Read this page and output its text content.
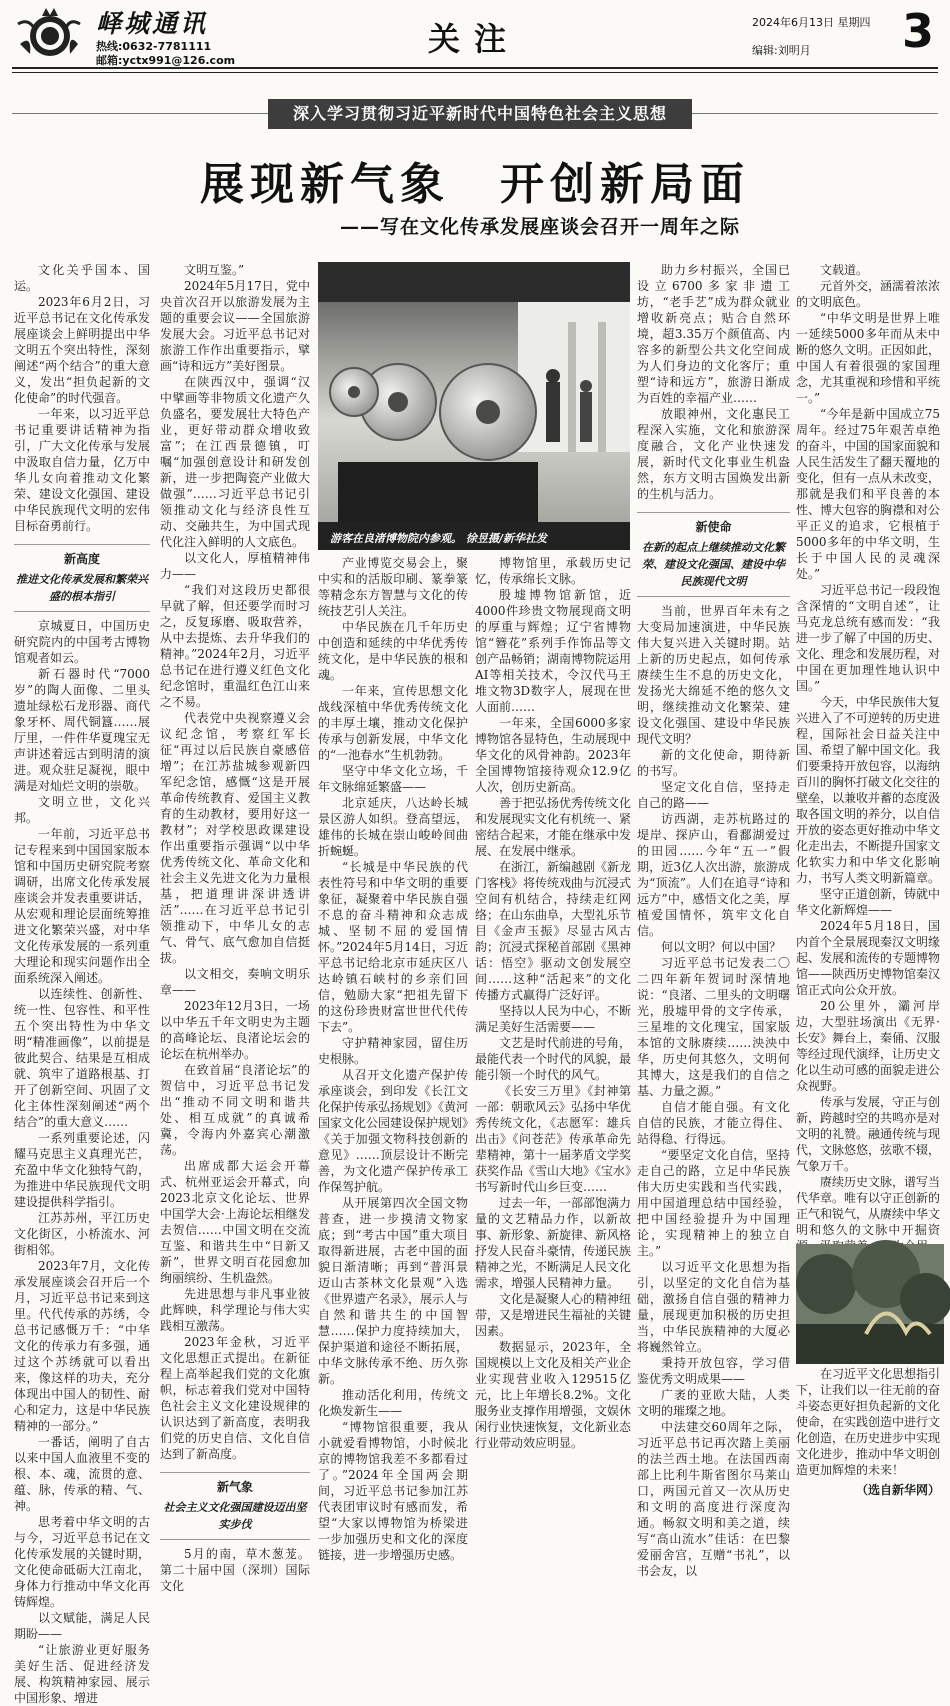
峄城通讯
热线:0632-7781111
邮箱:yctx991@126.com
关注	2024年6月13日 星期四
编辑:刘明月 3
深入学习贯彻习近平新时代中国特色社会主义思想
展现新气象　开创新局面
——写在文化传承发展座谈会召开一周年之际
游客在良渚博物院内参观。 徐昱摄/新华社发

文化关乎国本、国运。

2023年6月2日，习近平总书记在文化传承发展座谈会上鲜明提出中华文明五个突出特性，深刻阐述“两个结合”的重大意义，发出“担负起新的文化使命”的时代强音。

一年来，以习近平总书记重要讲话精神为指引，广大文化传承与发展中汲取自信力量，亿万中华儿女向着推动文化繁荣、建设文化强国、建设中华民族现代文明的宏伟目标奋勇前行。

新高度
推进文化传承发展和繁荣兴盛的根本指引

京城夏日，中国历史研究院内的中国考古博物馆观者如云。

新石器时代“7000岁”的陶人面像、二里头遗址绿松石龙形器、商代象牙杯、周代铜簋……展厅里，一件件华夏瑰宝无声讲述着远古到明清的演进。观众驻足凝视，眼中满是对灿烂文明的崇敬。

文明立世，文化兴邦。

一年前，习近平总书记专程来到中国国家版本馆和中国历史研究院考察调研，出席文化传承发展座谈会并发表重要讲话，从宏观和理论层面统筹推进文化繁荣兴盛，对中华文化传承发展的一系列重大理论和现实问题作出全面系统深入阐述。

以连续性、创新性、统一性、包容性、和平性五个突出特性为中华文明“精准画像”，以前提是彼此契合、结果是互相成就、筑牢了道路根基、打开了创新空间、巩固了文化主体性深刻阐述“两个结合”的重大意义……

一系列重要论述，闪耀马克思主义真理光芒，充盈中华文化独特气韵，为推进中华民族现代文明建设提供科学指引。

江苏苏州，平江历史文化街区，小桥流水、河街相邻。

2023年7月，文化传承发展座谈会召开后一个月，习近平总书记来到这里。代代传承的苏绣，令总书记感慨万千：“中华文化的传承力有多强，通过这个苏绣就可以看出来，像这样的功夫，充分体现出中国人的韧性、耐心和定力，这是中华民族精神的一部分。”

一番话，阐明了自古以来中国人血液里不变的根、本、魂，流贯的意、蕴、脉，传承的精、气、神。

思考着中华文明的古与今，习近平总书记在文化传承发展的关键时期，文化使命砥砺大江南北，身体力行推动中华文化再铸辉煌。

以文赋能，满足人民期盼——

“让旅游业更好服务美好生活、促进经济发展、构筑精神家园、展示中国形象、增进

文明互鉴。”

2024年5月17日，党中央首次召开以旅游发展为主题的重要会议——全国旅游发展大会。习近平总书记对旅游工作作出重要指示，擘画“诗和远方”美好图景。

在陕西汉中，强调“汉中擘画等非物质文化遗产久负盛名，要发展壮大特色产业，更好带动群众增收致富”；在江西景德镇，叮嘱“加强创意设计和研发创新，进一步把陶瓷产业做大做强”……习近平总书记引领推动文化与经济良性互动、交融共生，为中国式现代化注入鲜明的人文底色。

以文化人，厚植精神伟力——

“我们对这段历史都很早就了解，但还要学而时习之，反复琢磨、吸取营养，从中去提炼、去升华我们的精神。”2024年2月，习近平总书记在进行遵义红色文化纪念馆时，重温红色江山来之不易。

代表党中央视察遵义会议纪念馆，考察红军长征“再过以后民族自豪感倍增”；在江苏盐城参观新四军纪念馆，感慨“这是开展革命传统教育、爱国主义教育的生动教材，要用好这一教材”；对学校思政课建设作出重要指示强调“以中华优秀传统文化、革命文化和社会主义先进文化为力量根基，把道理讲深讲透讲活”……在习近平总书记引领推动下，中华儿女的志气、骨气、底气愈加自信挺拔。

以文相交，奏响文明乐章——

2023年12月3日，一场以中华五千年文明史为主题的高峰论坛、良渚论坛会的论坛在杭州举办。

在致首届“良渚论坛”的贺信中，习近平总书记发出“推动不同文明和谐共处、相互成就”的真诚希冀，令海内外嘉宾心潮激荡。

出席成都大运会开幕式、杭州亚运会开幕式，向2023北京文化论坛、世界中国学大会·上海论坛相继发去贺信……中国文明在交流互鉴、和谐共生中“日新又新”，世界文明百花园愈加绚丽缤纷、生机盎然。

先进思想与非凡事业彼此辉映，科学理论与伟大实践相互激荡。

2023年金秋，习近平文化思想正式提出。在新征程上高举起我们党的文化旗帜，标志着我们党对中国特色社会主义文化建设规律的认识达到了新高度，表明我们党的历史自信、文化自信达到了新高度。

新气象
社会主义文化强国建设迈出坚实步伐

5月的南，草木葱茏。第二十届中国（深圳）国际文化

产业博览交易会上，聚中实和的活版印刷、篆拳篆等精念东方智慧与文化的传统技艺引人关注。

中华民族在几千年历史中创造和延续的中华优秀传统文化，是中华民族的根和魂。

一年来，宣传思想文化战线深植中华优秀传统文化的丰厚土壤，推动文化保护传承与创新发展，中华文化的“一池春水”生机勃勃。

坚守中华文化立场，千年文脉绵延繁盛——

北京延庆，八达岭长城景区游人如织。登高望远，雄伟的长城在崇山峻岭间曲折蜿蜒。

“长城是中华民族的代表性符号和中华文明的重要象征，凝聚着中华民族自强不息的奋斗精神和众志成城、坚韧不屈的爱国情怀。”2024年5月14日，习近平总书记给北京市延庆区八达岭镇石峡村的乡亲们回信，勉励大家“把祖先留下的这份珍贵财富世世代代传下去”。

守护精神家园，留住历史根脉。

从召开文化遗产保护传承座谈会，到印发《长江文化保护传承弘扬规划》《黄河国家文化公园建设保护规划》《关于加强文物科技创新的意见》……顶层设计不断完善，为文化遗产保护传承工作保驾护航。

从开展第四次全国文物普查，进一步摸清文物家底；到“考古中国”重大项目取得新进展，古老中国的面貌日渐清晰；再到“普洱景迈山古茶林文化景观”入选《世界遗产名录》，展示人与自然和谐共生的中国智慧……保护力度持续加大，保护渠道和途径不断拓展，中华文脉传承不绝、历久弥新。

推动活化利用，传统文化焕发新生——

“博物馆很重要，我从小就爱看博物馆，小时候北京的博物馆我差不多都看过了。”2024年全国两会期间，习近平总书记参加江苏代表团审议时有感而发，希望“大家以博物馆为桥梁进一步加强历史和文化的深度链接，进一步增强历史感。

博物馆里，承载历史记忆，传承绵长文脉。

殷墟博物馆新馆，近4000件珍贵文物展现商文明的厚重与辉煌；辽宁省博物馆“簪花”系列手作饰品等文创产品畅销；湖南博物院运用AI等相关技术，令汉代马王堆文物3D数字人，展现在世人面前……

一年来，全国6000多家博物馆各显特色，生动展现中华文化的风骨神韵。2023年全国博物馆接待观众12.9亿人次，创历史新高。

善于把弘扬优秀传统文化和发展现实文化有机统一、紧密结合起来，才能在继承中发展、在发展中继承。

在浙江，新编越剧《新龙门客栈》将传统戏曲与沉浸式空间有机结合，持续走红网络；在山东曲阜，大型礼乐节目《金声玉振》尽显古风古韵；沉浸式探秘首部剧《黑神话：悟空》驱动文创发展空间……这种“活起来”的文化传播方式赢得广泛好评。

坚持以人民为中心，不断满足美好生活需要——

文艺是时代前进的号角，最能代表一个时代的风貌，最能引领一个时代的风气。

《长安三万里》《封神第一部：朝歌风云》弘扬中华优秀传统文化，《志愿军：雄兵出击》《问苍茫》传承革命先辈精神，第十一届茅盾文学奖获奖作品《雪山大地》《宝水》书写新时代山乡巨变……

过去一年，一部部饱满力量的文艺精品力作，以新故事、新形象、新旋律、新风格抒发人民奋斗豪情，传递民族精神之光，不断满足人民文化需求，增强人民精神力量。

文化是凝聚人心的精神纽带，又是增进民生福祉的关键因素。

数据显示，2023年，全国规模以上文化及相关产业企业实现营业收入129515亿元，比上年增长8.2%。文化服务业支撑作用增强，文娱休闲行业快速恢复，文化新业态行业带动效应明显。

助力乡村振兴，全国已设立6700多家非遗工坊，“老手艺”成为群众就业增收新亮点；贴合自然环境，超3.35万个颜值高、内容多的新型公共文化空间成为人们身边的文化客厅；重塑“诗和远方”，旅游日渐成为百姓的幸福产业……

放眼神州，文化惠民工程深入实施，文化和旅游深度融合，文化产业快速发展，新时代文化事业生机盎然，东方文明古国焕发出新的生机与活力。

新使命
在新的起点上继续推动文化繁荣、建设文化强国、建设中华民族现代文明

当前，世界百年未有之大变局加速演进，中华民族伟大复兴进入关键时期。站上新的历史起点，如何传承赓续生生不息的历史文化，发扬光大绵延不绝的悠久文明，继续推动文化繁荣、建设文化强国、建设中华民族现代文明？

新的文化使命，期待新的书写。

坚定文化自信，坚持走自己的路——

访西湖，走苏杭路过的堤岸、探庐山，看鄱湖爱过的田园……今年“五一”假期，近3亿人次出游，旅游成为“顶流”。人们在追寻“诗和远方”中，感悟文化之美，厚植爱国情怀，筑牢文化自信。

何以文明？何以中国？

习近平总书记发表二〇二四年新年贺词时深情地说：“良渚、二里头的文明曙光，殷墟甲骨的文字传承，三星堆的文化瑰宝，国家版本馆的文脉赓续……泱泱中华，历史何其悠久，文明何其博大，这是我们的自信之基、力量之源。”

自信才能自强。有文化自信的民族，才能立得住、站得稳、行得远。

“要坚定文化自信，坚持走自己的路，立足中华民族伟大历史实践和当代实践，用中国道理总结中国经验，把中国经验提升为中国理论，实现精神上的独立自主。”

以习近平文化思想为指引，以坚定的文化自信为基础，激扬自信自强的精神力量，展现更加积极的历史担当，中华民族精神的大厦必将巍然耸立。

秉持开放包容，学习借鉴优秀文明成果——

广袤的亚欧大陆，人类文明的璀璨之地。

中法建交60周年之际，习近平总书记再次踏上美丽的法兰西土地。在法国西南部上比利牛斯省图尔马莱山口，两国元首又一次从历史和文明的高度进行深度沟通。畅叙文明和美之道，续写“高山流水”佳话：在巴黎爱丽舍宫，互赠“书礼”，以书会友，以

文载道。

元首外交，涵濡着浓浓的文明底色。

“中华文明是世界上唯一延续5000多年而从未中断的悠久文明。正因如此，中国人有着很强的家国理念，尤其重视和珍惜和平统一。”

“今年是新中国成立75周年。经过75年艰苦卓绝的奋斗，中国的国家面貌和人民生活发生了翻天覆地的变化，但有一点从未改变，那就是我们和平良善的本性、博大包容的胸襟和对公平正义的追求，它根植于5000多年的中华文明，生长于中国人民的灵魂深处。”

习近平总书记一段段饱含深情的“文明自述”，让马克龙总统有感而发：“我进一步了解了中国的历史、文化、理念和发展历程，对中国在更加理性地认识中国。”

今天，中华民族伟大复兴进入了不可逆转的历史进程，国际社会日益关注中国、希望了解中国文化。我们要秉持开放包容，以海纳百川的胸怀打破文化交往的壁垒，以兼收并蓄的态度汲取各国文明的养分，以自信开放的姿态更好推动中华文化走出去，不断提升国家文化软实力和中华文化影响力，书写人类文明新篇章。

坚守正道创新，铸就中华文化新辉煌——

2024年5月18日，国内首个全景展现秦汉文明缘起、发展和流传的专题博物馆——陕西历史博物馆秦汉馆正式向公众开放。

20公里外，灞河岸边，大型驻场演出《无界·长安》舞台上，秦俑、汉服等经过现代演绎，让历史文化以生动可感的面貌走进公众视野。

传承与发展，守正与创新，跨越时空的共鸣亦是对文明的礼赞。融通传统与现代，文脉悠悠，弦歌不辍，气象万千。

赓续历史文脉，谱写当代华章。唯有以守正创新的正气和锐气，从赓续中华文明和悠久的文脉中开掘资

在习近平文化思想指引下，让我们以一往无前的奋斗姿态更好担负起新的文化使命，在实践创造中进行文化创造，在历史进步中实现文化进步，推动中华文明创造更加辉煌的未来！

（选自新华网）
